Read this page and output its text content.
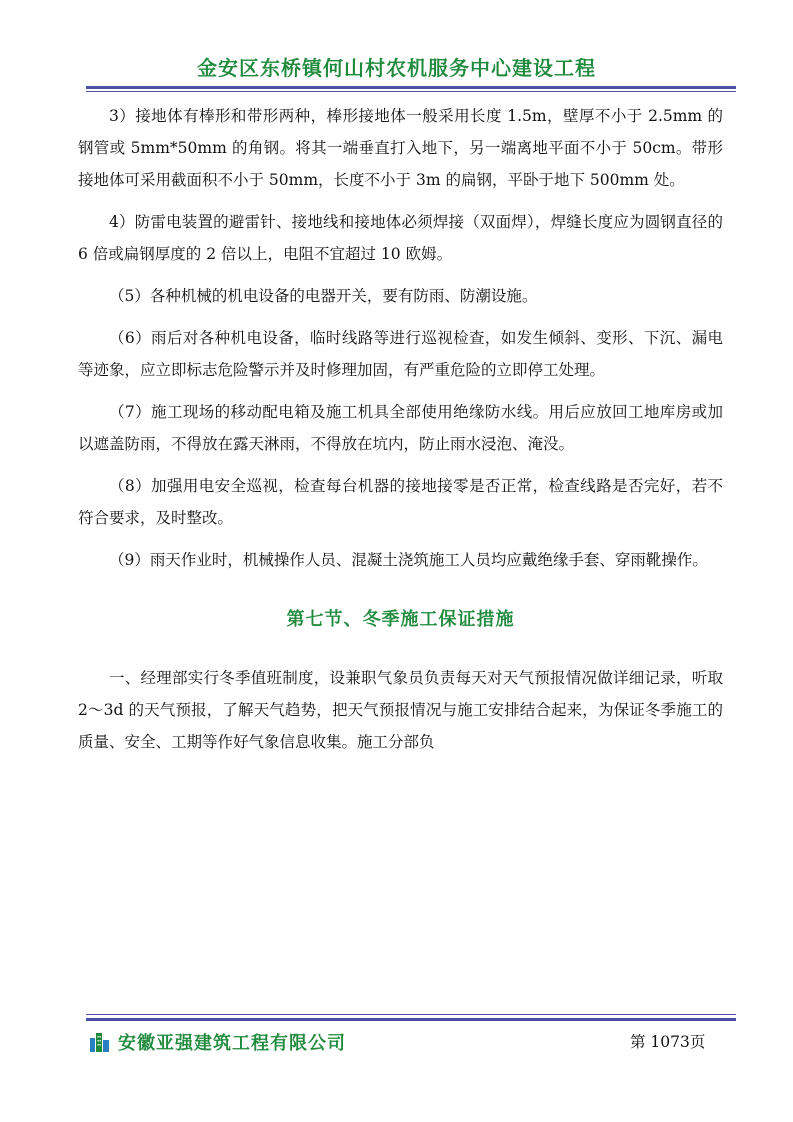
金安区东桥镇何山村农机服务中心建设工程

3）接地体有棒形和带形两种，棒形接地体一般采用长度 1.5m，壁厚不小于 2.5mm 的钢管或 5mm*50mm 的角钢。将其一端垂直打入地下，另一端离地平面不小于 50cm。带形接地体可采用截面积不小于 50mm，长度不小于 3m 的扁钢，平卧于地下 500mm 处。

4）防雷电装置的避雷针、接地线和接地体必须焊接（双面焊），焊缝长度应为圆钢直径的 6 倍或扁钢厚度的 2 倍以上，电阻不宜超过 10 欧姆。

（5）各种机械的机电设备的电器开关，要有防雨、防潮设施。

（6）雨后对各种机电设备，临时线路等进行巡视检查，如发生倾斜、变形、下沉、漏电等迹象，应立即标志危险警示并及时修理加固，有严重危险的立即停工处理。

（7）施工现场的移动配电箱及施工机具全部使用绝缘防水线。用后应放回工地库房或加以遮盖防雨，不得放在露天淋雨，不得放在坑内，防止雨水浸泡、淹没。

（8）加强用电安全巡视，检查每台机器的接地接零是否正常，检查线路是否完好，若不符合要求，及时整改。

（9）雨天作业时，机械操作人员、混凝土浇筑施工人员均应戴绝缘手套、穿雨靴操作。

第七节、冬季施工保证措施

一、经理部实行冬季值班制度，设兼职气象员负责每天对天气预报情况做详细记录，听取 2～3d 的天气预报，了解天气趋势，把天气预报情况与施工安排结合起来，为保证冬季施工的质量、安全、工期等作好气象信息收集。施工分部负

安徽亚强建筑工程有限公司	第 1073页
